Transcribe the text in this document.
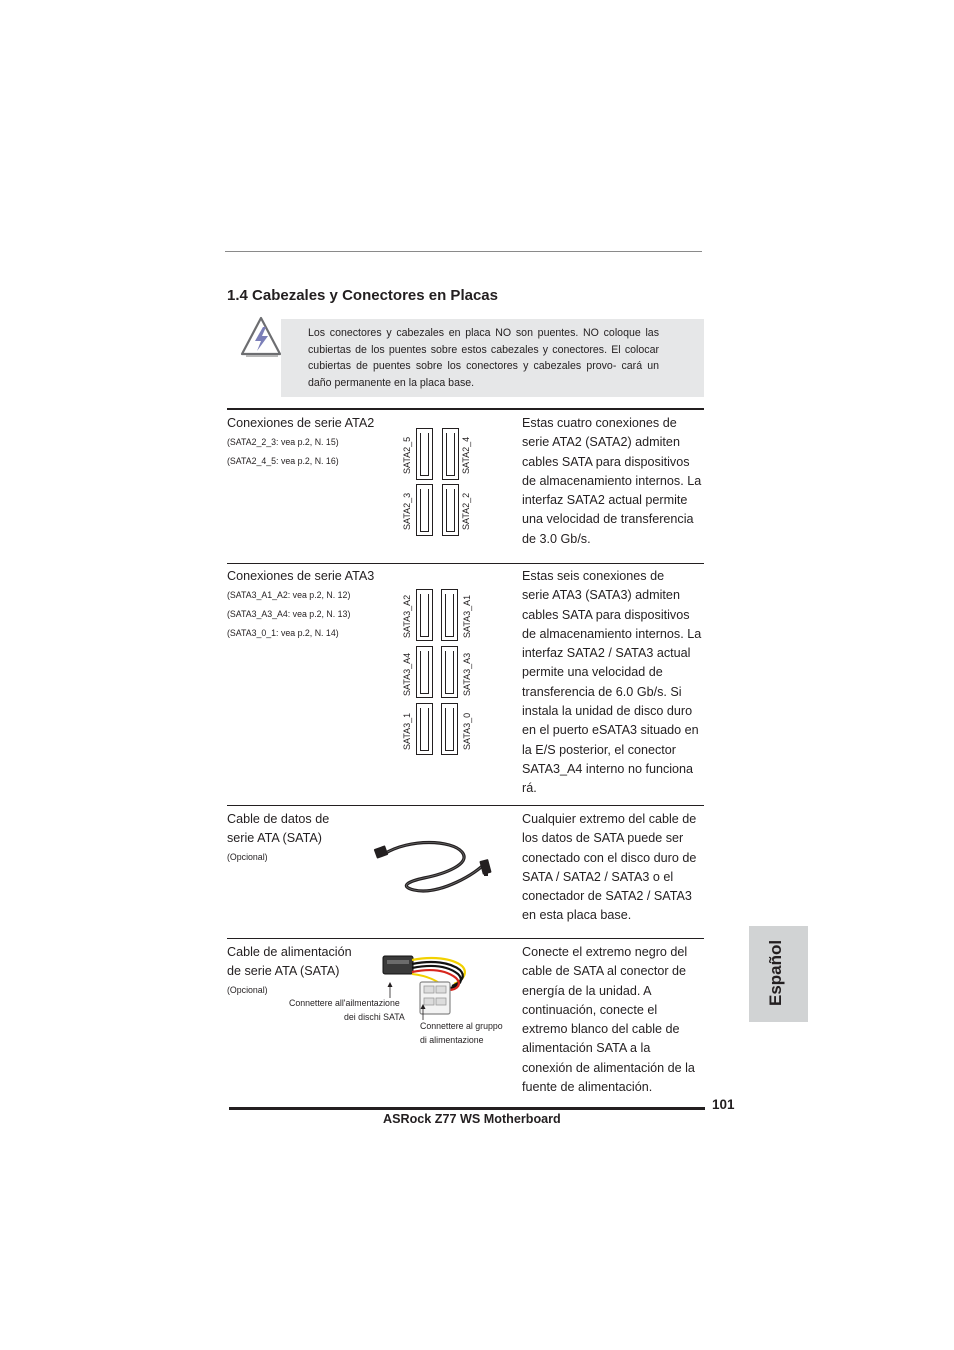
1.4 Cabezales y Conectores en Placas
Los conectores y cabezales en placa NO son puentes. NO coloque las cubiertas de los puentes sobre estos cabezales y conectores. El colocar cubiertas de puentes sobre los conectores y cabezales provo- cará un daño permanente en la placa base.
Conexiones de serie ATA2
(SATA2_2_3: vea p.2, N. 15)
(SATA2_4_5: vea p.2, N. 16)	SATA2_5	SATA2_4
SATA2_3	SATA2_2
Estas cuatro conexiones de
serie ATA2 (SATA2) admiten
cables SATA para dispositivos
de almacenamiento internos. La
interfaz SATA2 actual permite
una velocidad de transferencia
de 3.0 Gb/s.
Conexiones de serie ATA3
(SATA3_A1_A2: vea p.2, N. 12)
(SATA3_A3_A4: vea p.2, N. 13)
(SATA3_0_1: vea p.2, N. 14)	SATA3_A2	SATA3_A1
SATA3_A4	SATA3_A3
SATA3_1	SATA3_0
Estas seis conexiones de
serie ATA3 (SATA3) admiten
cables SATA para dispositivos
de almacenamiento internos. La
interfaz SATA2 / SATA3 actual
permite una velocidad de
transferencia de 6.0 Gb/s. Si
instala la unidad de disco duro
en el puerto eSATA3 situado en
la E/S posterior, el conector
SATA3_A4 interno no funciona
rá.
Cable de datos de
serie ATA (SATA)
(Opcional)
Cualquier extremo del cable de
los datos de SATA puede ser
conectado con el disco duro de
SATA / SATA2 / SATA3 o el
conectador de SATA2 / SATA3
en esta placa base.
Cable de alimentación
de serie ATA (SATA)
(Opcional)
Connettere all'ailmentazione
dei dischi SATA
Connettere al gruppo
di alimentazione
Conecte el extremo negro del
cable de SATA al conector de
energía de la unidad. A
continuación, conecte el
extremo blanco del cable de
alimentación SATA a la
conexión de alimentación de la
fuente de alimentación.
101
ASRock Z77 WS Motherboard
Español
